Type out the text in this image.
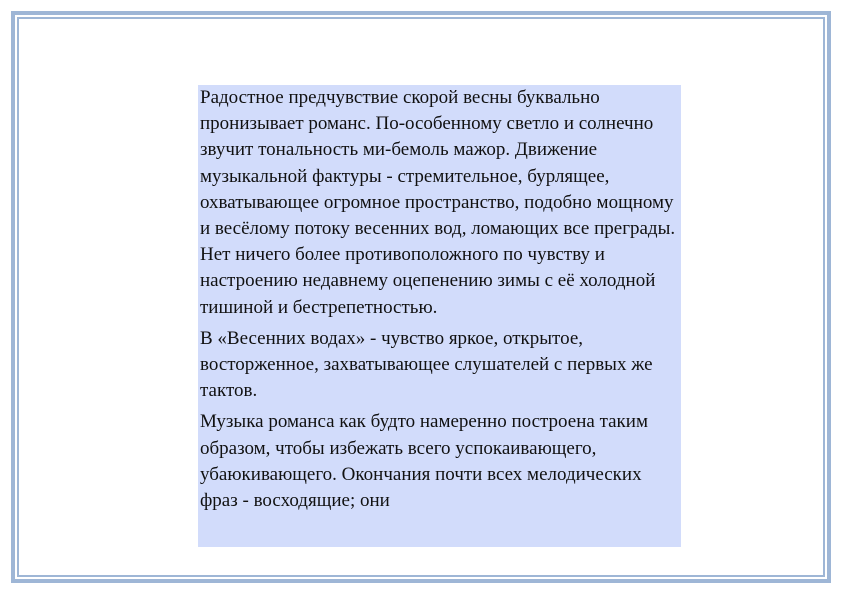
Радостное предчувствие скорой весны буквально пронизывает романс. По-особенному светло и солнечно звучит тональность ми-бемоль мажор. Движение музыкальной фактуры - стремительное, бурлящее, охватывающее огромное пространство, подобно мощному и весёлому потоку весенних вод, ломающих все преграды. Нет ничего более противоположного по чувству и настроению недавнему оцепенению зимы с её холодной тишиной и бестрепетностью.

В «Весенних водах» - чувство яркое, открытое, восторженное, захватывающее слушателей с первых же тактов.

Музыка романса как будто намеренно построена таким образом, чтобы избежать всего успокаивающего, убаюкивающего. Окончания почти всех мелодических фраз - восходящие; они
